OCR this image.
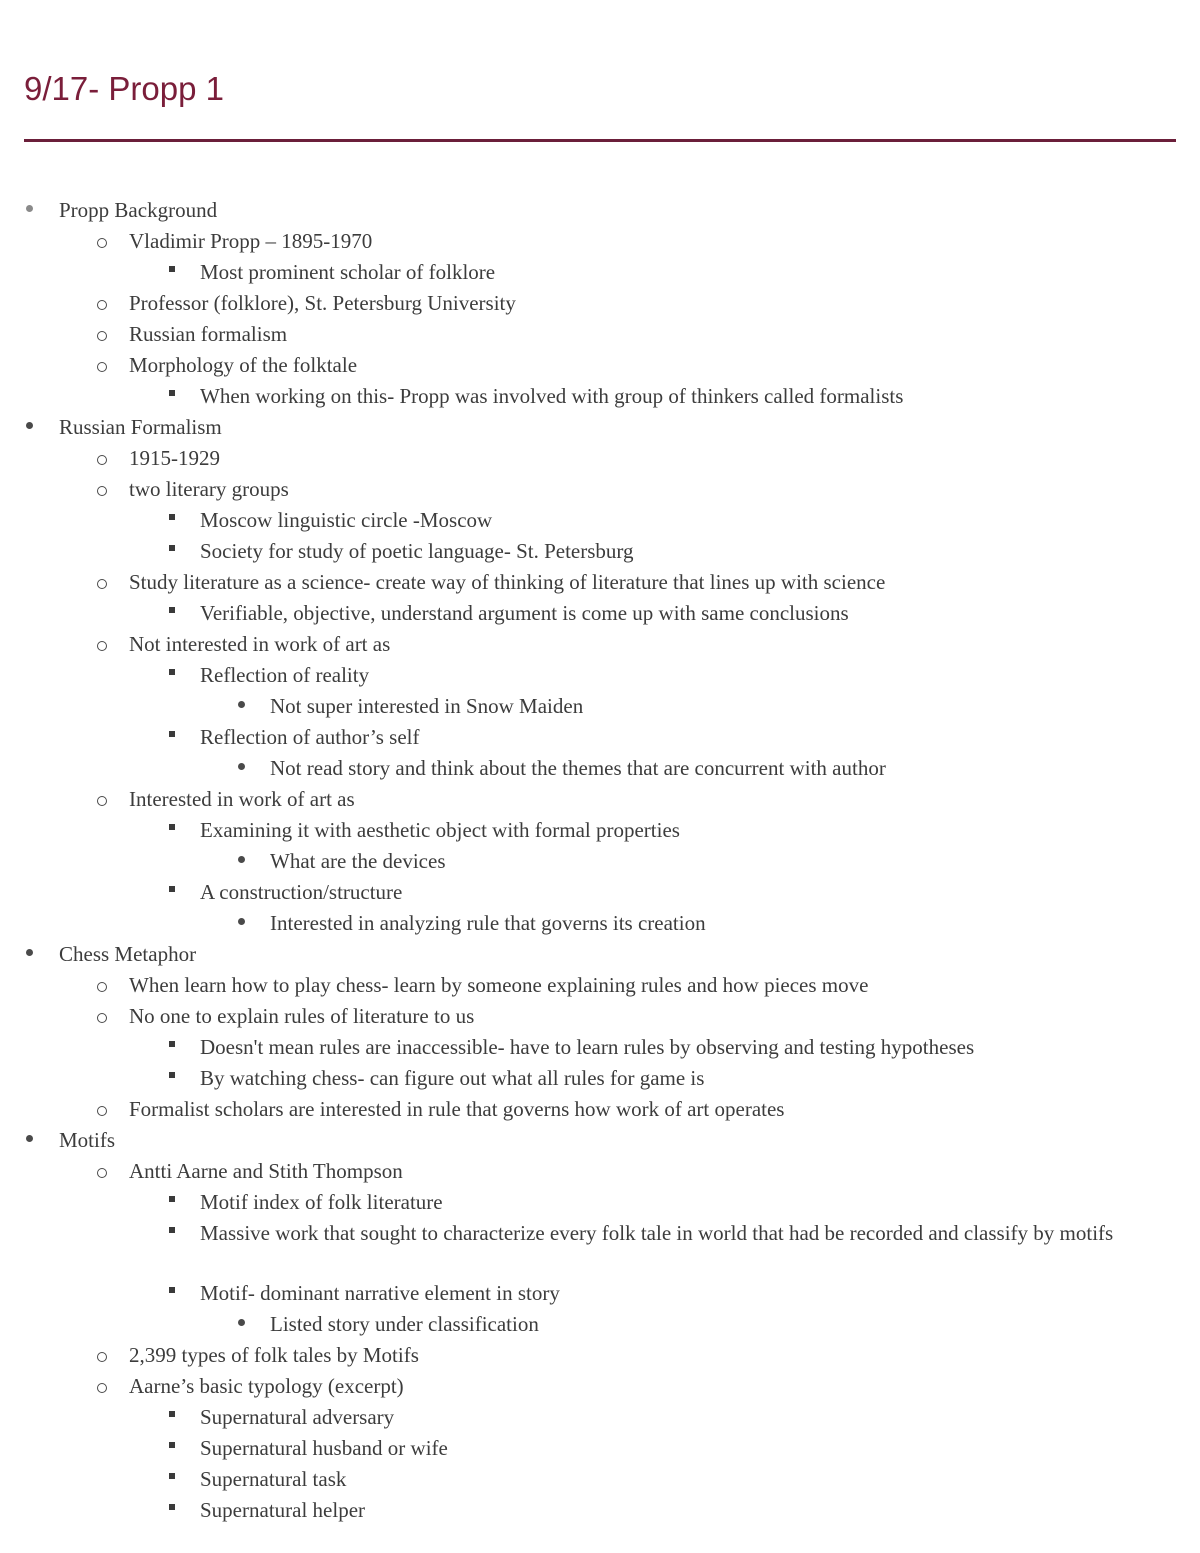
9/17- Propp 1
Propp Background
Vladimir Propp – 1895-1970
Most prominent scholar of folklore
Professor (folklore), St. Petersburg University
Russian formalism
Morphology of the folktale
When working on this- Propp was involved with group of thinkers called formalists
Russian Formalism
1915-1929
two literary groups
Moscow linguistic circle -Moscow
Society for study of poetic language- St. Petersburg
Study literature as a science- create way of thinking of literature that lines up with science
Verifiable, objective, understand argument is come up with same conclusions
Not interested in work of art as
Reflection of reality
Not super interested in Snow Maiden
Reflection of author’s self
Not read story and think about the themes that are concurrent with author
Interested in work of art as
Examining it with aesthetic object with formal properties
What are the devices
A construction/structure
Interested in analyzing rule that governs its creation
Chess Metaphor
When learn how to play chess- learn by someone explaining rules and how pieces move
No one to explain rules of literature to us
Doesn't mean rules are inaccessible- have to learn rules by observing and testing hypotheses
By watching chess- can figure out what all rules for game is
Formalist scholars are interested in rule that governs how work of art operates
Motifs
Antti Aarne and Stith Thompson
Motif index of folk literature
Massive work that sought to characterize every folk tale in world that had be recorded and classify by motifs
Motif- dominant narrative element in story
Listed story under classification
2,399 types of folk tales by Motifs
Aarne’s basic typology (excerpt)
Supernatural adversary
Supernatural husband or wife
Supernatural task
Supernatural helper
